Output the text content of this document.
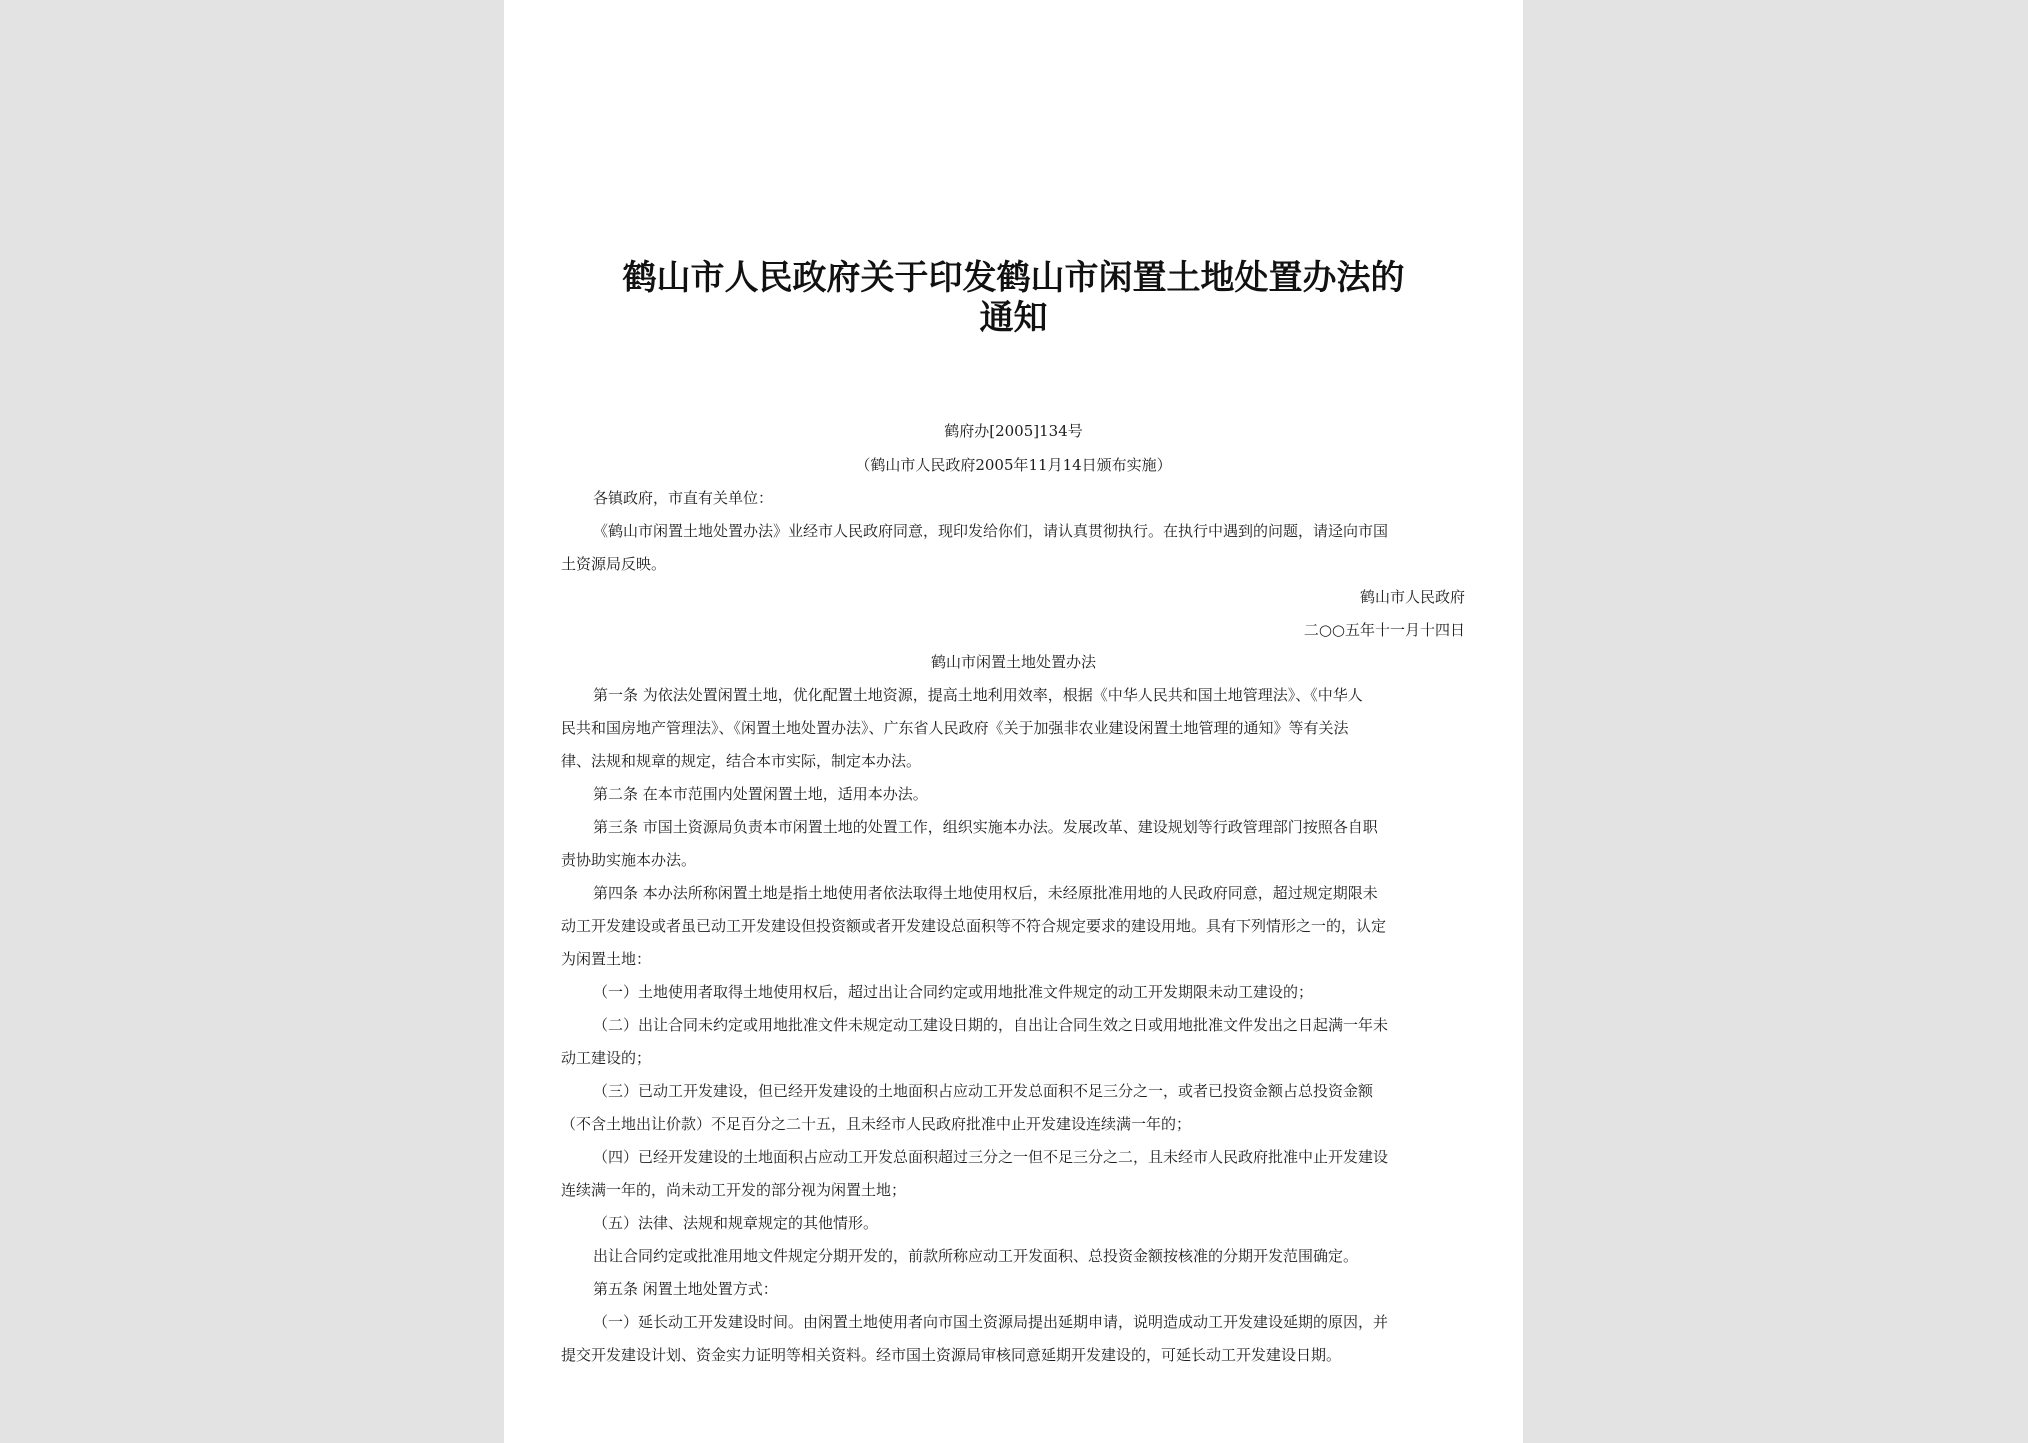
鹤山市人民政府关于印发鹤山市闲置土地处置办法的
通知
鹤府办[2005]134号
（鹤山市人民政府2005年11月14日颁布实施）
各镇政府，市直有关单位：
《鹤山市闲置土地处置办法》业经市人民政府同意，现印发给你们，请认真贯彻执行。在执行中遇到的问题，请迳向市国
土资源局反映。
鹤山市人民政府
二○○五年十一月十四日
鹤山市闲置土地处置办法
第一条 为依法处置闲置土地，优化配置土地资源，提高土地利用效率，根据《中华人民共和国土地管理法》、《中华人
民共和国房地产管理法》、《闲置土地处置办法》、广东省人民政府《关于加强非农业建设闲置土地管理的通知》等有关法
律、法规和规章的规定，结合本市实际，制定本办法。
第二条 在本市范围内处置闲置土地，适用本办法。
第三条 市国土资源局负责本市闲置土地的处置工作，组织实施本办法。发展改革、建设规划等行政管理部门按照各自职
责协助实施本办法。
第四条 本办法所称闲置土地是指土地使用者依法取得土地使用权后，未经原批准用地的人民政府同意，超过规定期限未
动工开发建设或者虽已动工开发建设但投资额或者开发建设总面积等不符合规定要求的建设用地。具有下列情形之一的，认定
为闲置土地：
（一）土地使用者取得土地使用权后，超过出让合同约定或用地批准文件规定的动工开发期限未动工建设的；
（二）出让合同未约定或用地批准文件未规定动工建设日期的，自出让合同生效之日或用地批准文件发出之日起满一年未
动工建设的；
（三）已动工开发建设，但已经开发建设的土地面积占应动工开发总面积不足三分之一，或者已投资金额占总投资金额
（不含土地出让价款）不足百分之二十五，且未经市人民政府批准中止开发建设连续满一年的；
（四）已经开发建设的土地面积占应动工开发总面积超过三分之一但不足三分之二，且未经市人民政府批准中止开发建设
连续满一年的，尚未动工开发的部分视为闲置土地；
（五）法律、法规和规章规定的其他情形。
出让合同约定或批准用地文件规定分期开发的，前款所称应动工开发面积、总投资金额按核准的分期开发范围确定。
第五条 闲置土地处置方式：
（一）延长动工开发建设时间。由闲置土地使用者向市国土资源局提出延期申请，说明造成动工开发建设延期的原因，并
提交开发建设计划、资金实力证明等相关资料。经市国土资源局审核同意延期开发建设的，可延长动工开发建设日期。
